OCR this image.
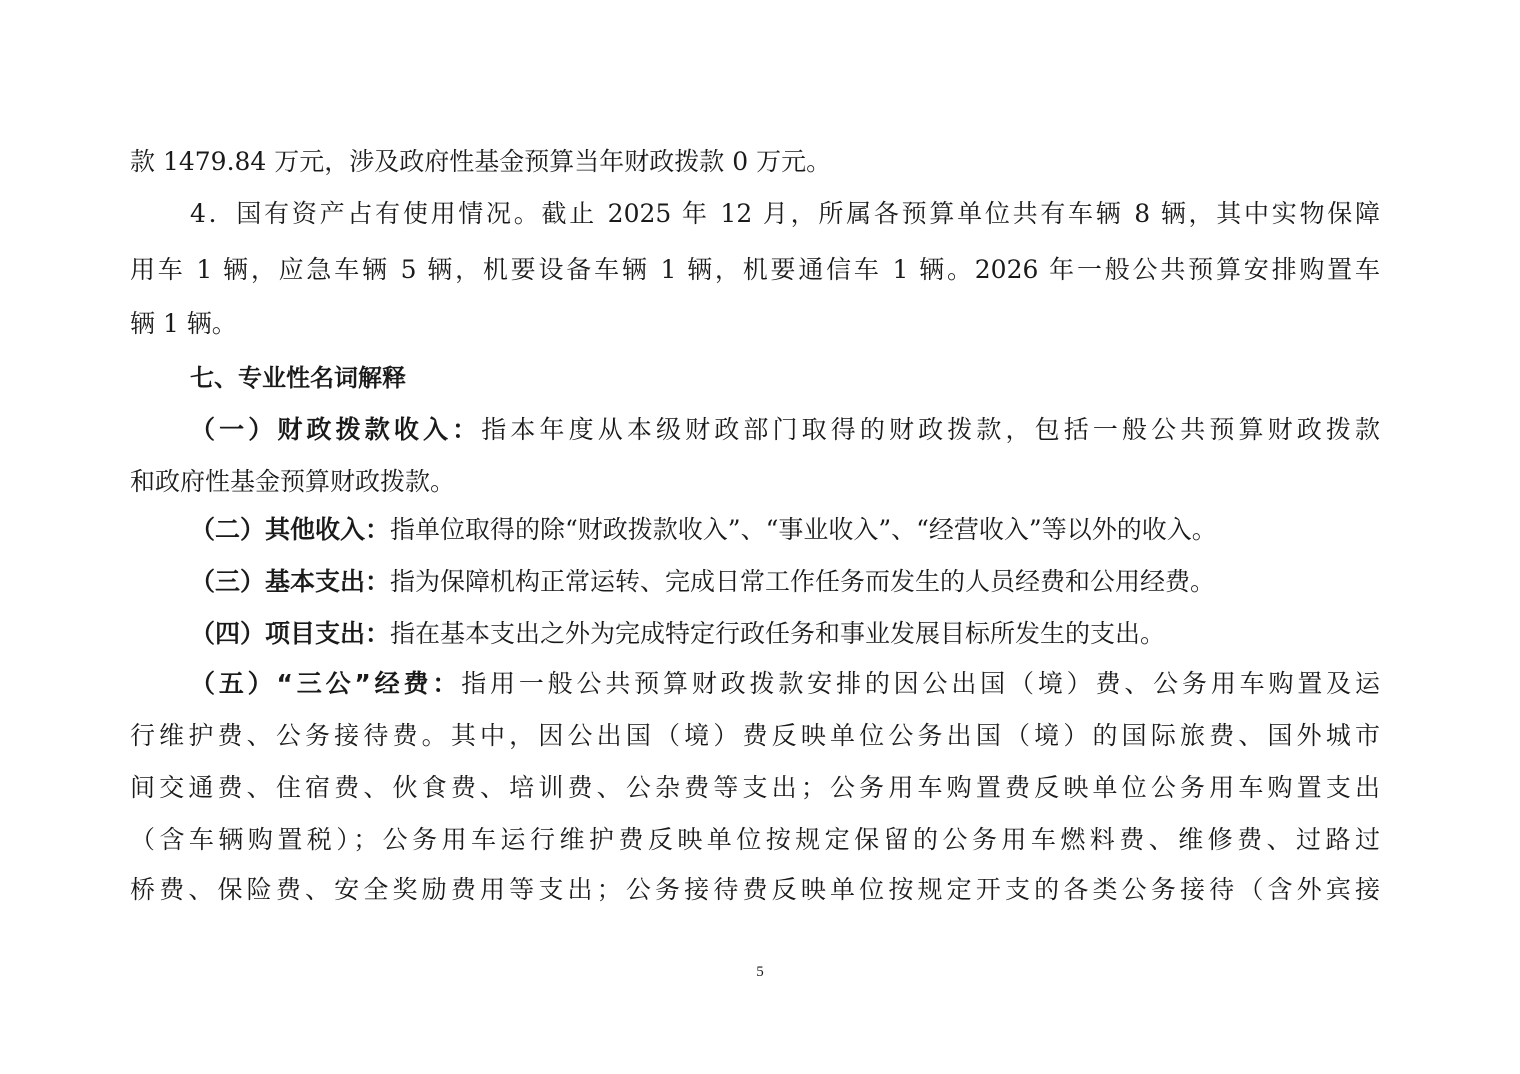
款 1479.84 万元，涉及政府性基金预算当年财政拨款 0 万元。
4．国有资产占有使用情况。截止 2025 年 12 月，所属各预算单位共有车辆 8 辆，其中实物保障
用车 1 辆，应急车辆 5 辆，机要设备车辆 1 辆，机要通信车 1 辆。2026 年一般公共预算安排购置车
辆 1 辆。
七、专业性名词解释
（一）财政拨款收入：指本年度从本级财政部门取得的财政拨款，包括一般公共预算财政拨款
和政府性基金预算财政拨款。
（二）其他收入：指单位取得的除“财政拨款收入”、“事业收入”、“经营收入”等以外的收入。
（三）基本支出：指为保障机构正常运转、完成日常工作任务而发生的人员经费和公用经费。
（四）项目支出：指在基本支出之外为完成特定行政任务和事业发展目标所发生的支出。
（五）“三公”经费：指用一般公共预算财政拨款安排的因公出国（境）费、公务用车购置及运
行维护费、公务接待费。其中，因公出国（境）费反映单位公务出国（境）的国际旅费、国外城市
间交通费、住宿费、伙食费、培训费、公杂费等支出；公务用车购置费反映单位公务用车购置支出
（含车辆购置税）；公务用车运行维护费反映单位按规定保留的公务用车燃料费、维修费、过路过
桥费、保险费、安全奖励费用等支出；公务接待费反映单位按规定开支的各类公务接待（含外宾接
5
